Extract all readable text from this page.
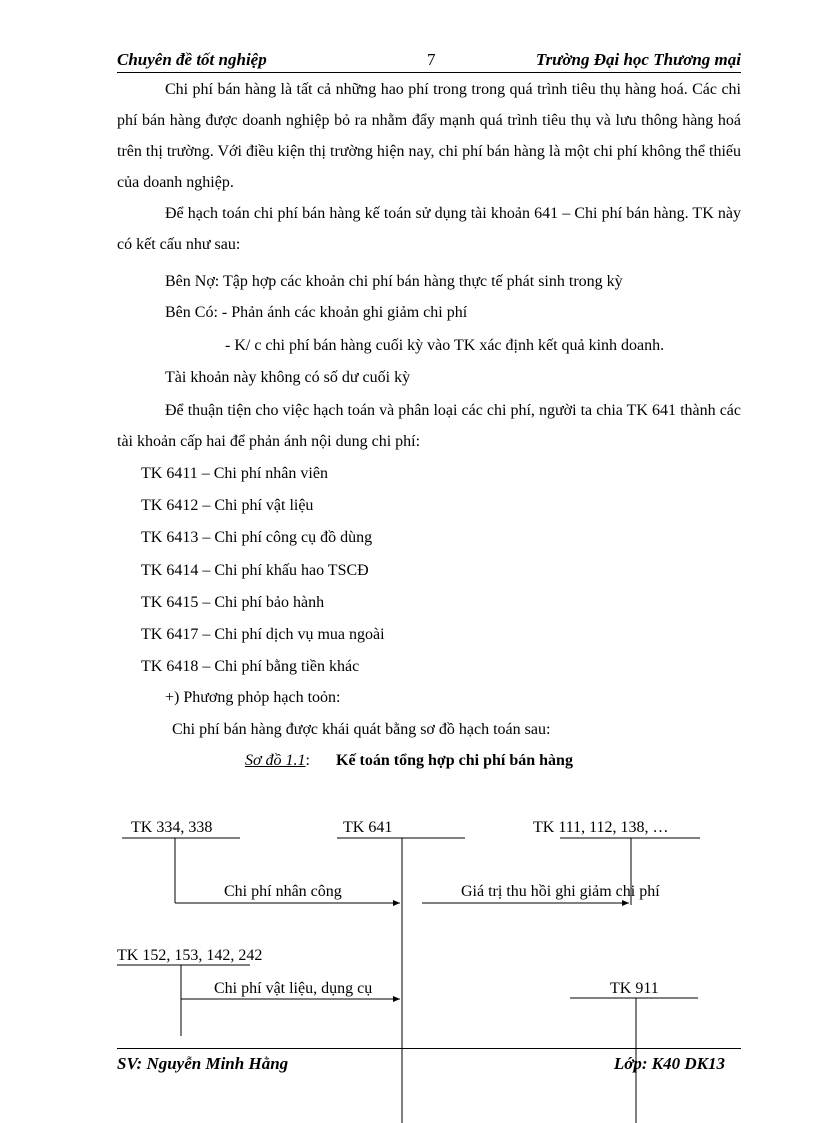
Chuyên đề tốt nghiệp	7	Trường Đại học Thương mại

Chi phí bán hàng là tất cả những hao phí trong trong quá trình tiêu thụ hàng hoá. Các chi phí bán hàng được doanh nghiệp bỏ ra nhằm đẩy mạnh quá trình tiêu thụ và lưu thông hàng hoá trên thị trường. Với điều kiện thị trường hiện nay, chi phí bán hàng là một chi phí không thể thiếu của doanh nghiệp.

Để hạch toán chi phí bán hàng kế toán sử dụng tài khoản 641 – Chi phí bán hàng. TK này có kết cấu như sau:

Bên Nợ: Tập hợp các khoản chi phí bán hàng thực tế phát sinh trong kỳ
Bên Có: - Phản ánh các khoản ghi giảm chi phí
- K/ c chi phí bán hàng cuối kỳ vào TK xác định kết quả kinh doanh.
Tài khoản này không có số dư cuối kỳ

Để thuận tiện cho việc hạch toán và phân loại các chi phí, người ta chia TK 641 thành các tài khoản cấp hai để phản ánh nội dung chi phí:

TK 6411 – Chi phí nhân viên
TK 6412 – Chi phí vật liệu
TK 6413 – Chi phí công cụ đồ dùng
TK 6414 – Chi phí khấu hao TSCĐ
TK 6415 – Chi phí bảo hành
TK 6417 – Chi phí dịch vụ mua ngoài
TK 6418 – Chi phí bằng tiền khác
+) Phương phỏp hạch toỏn:
Chi phí bán hàng được khái quát bằng sơ đồ hạch toán sau:
Sơ đồ 1.1: Kế toán tổng hợp chi phí bán hàng
TK 334, 338	TK 641	TK 111, 112, 138, …
Chi phí nhân công	Giá trị thu hồi ghi giảm chi phí
TK 152, 153, 142, 242
Chi phí vật liệu, dụng cụ	TK 911
SV: Nguyễn Minh Hằng	Lớp: K40 DK13
